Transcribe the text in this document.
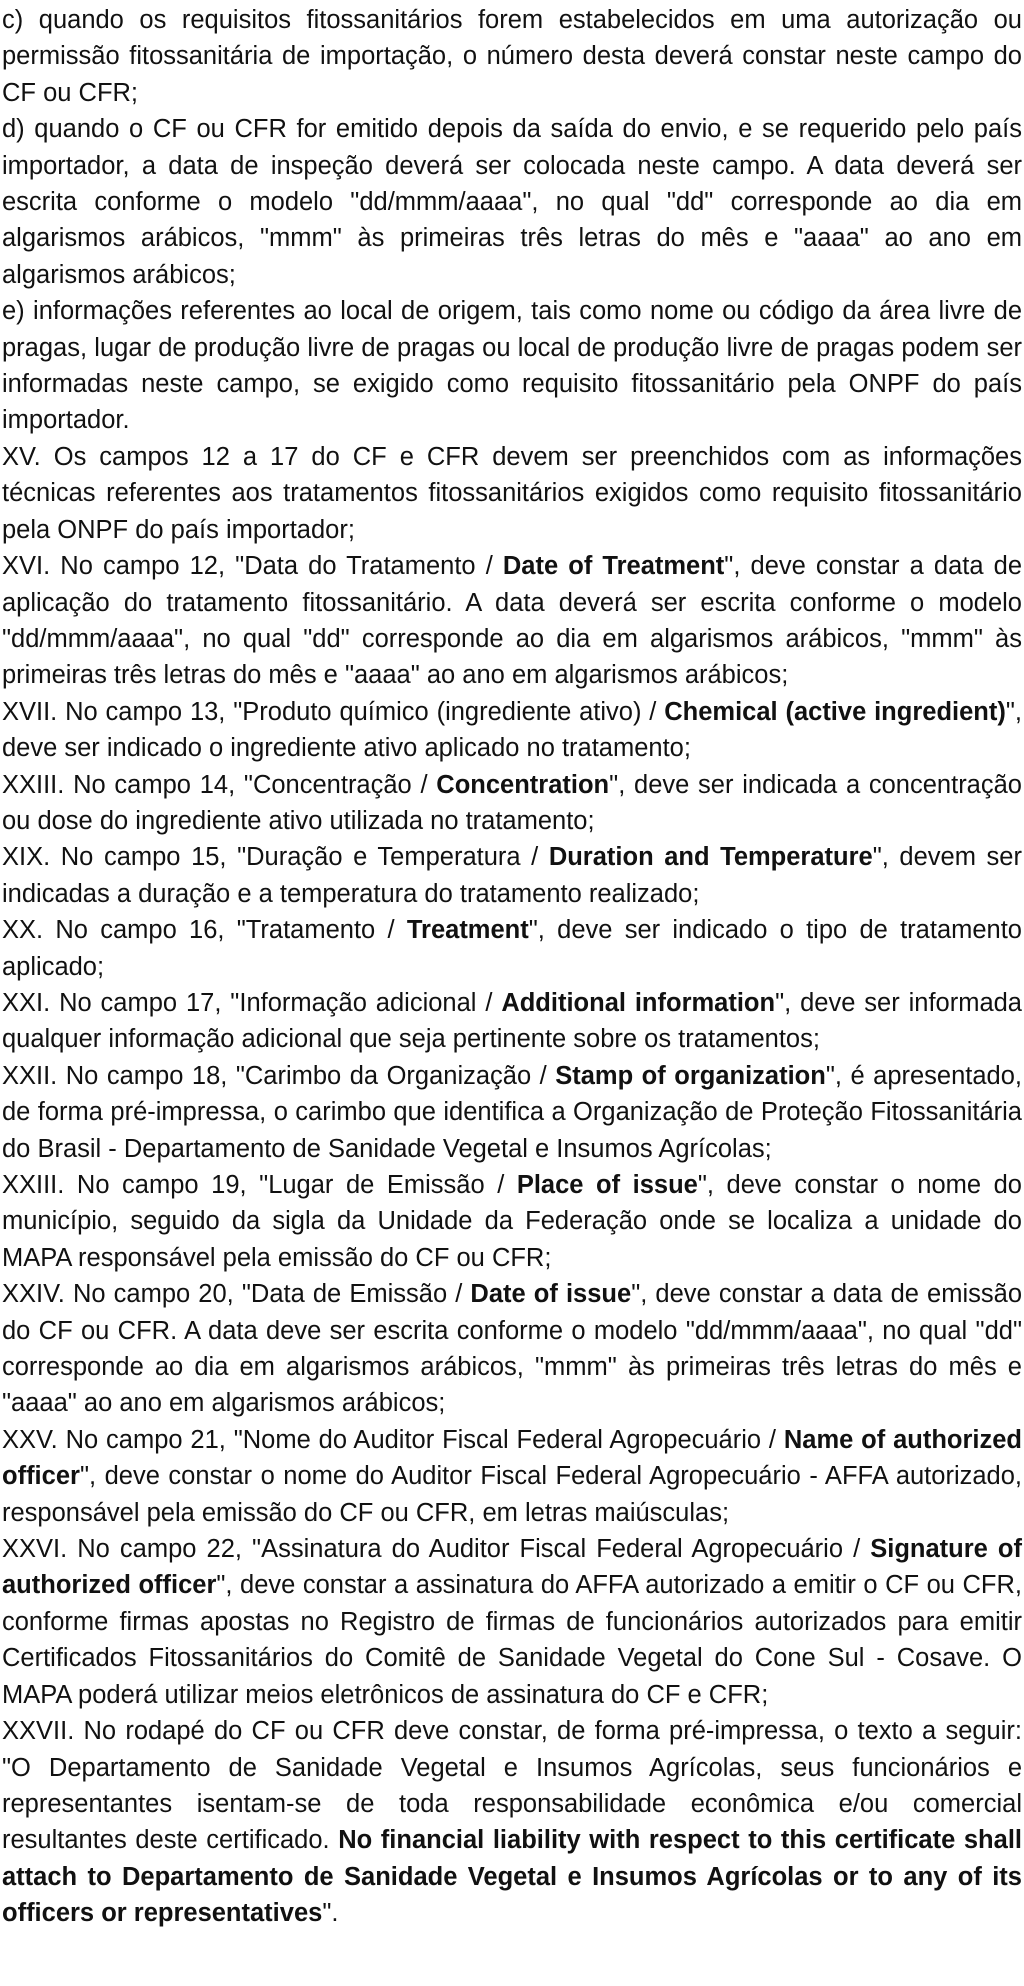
c) quando os requisitos fitossanitários forem estabelecidos em uma autorização ou permissão fitossanitária de importação, o número desta deverá constar neste campo do CF ou CFR;

d) quando o CF ou CFR for emitido depois da saída do envio, e se requerido pelo país importador, a data de inspeção deverá ser colocada neste campo. A data deverá ser escrita conforme o modelo "dd/mmm/aaaa", no qual "dd" corresponde ao dia em algarismos arábicos, "mmm" às primeiras três letras do mês e "aaaa" ao ano em algarismos arábicos;

e) informações referentes ao local de origem, tais como nome ou código da área livre de pragas, lugar de produção livre de pragas ou local de produção livre de pragas podem ser informadas neste campo, se exigido como requisito fitossanitário pela ONPF do país importador.

XV. Os campos 12 a 17 do CF e CFR devem ser preenchidos com as informações técnicas referentes aos tratamentos fitossanitários exigidos como requisito fitossanitário pela ONPF do país importador;

XVI. No campo 12, "Data do Tratamento / Date of Treatment", deve constar a data de aplicação do tratamento fitossanitário. A data deverá ser escrita conforme o modelo "dd/mmm/aaaa", no qual "dd" corresponde ao dia em algarismos arábicos, "mmm" às primeiras três letras do mês e "aaaa" ao ano em algarismos arábicos;

XVII. No campo 13, "Produto químico (ingrediente ativo) / Chemical (active ingredient)", deve ser indicado o ingrediente ativo aplicado no tratamento;

XXIII. No campo 14, "Concentração / Concentration", deve ser indicada a concentração ou dose do ingrediente ativo utilizada no tratamento;

XIX. No campo 15, "Duração e Temperatura / Duration and Temperature", devem ser indicadas a duração e a temperatura do tratamento realizado;

XX. No campo 16, "Tratamento / Treatment", deve ser indicado o tipo de tratamento aplicado;

XXI. No campo 17, "Informação adicional / Additional information", deve ser informada qualquer informação adicional que seja pertinente sobre os tratamentos;

XXII. No campo 18, "Carimbo da Organização / Stamp of organization", é apresentado, de forma pré-impressa, o carimbo que identifica a Organização de Proteção Fitossanitária do Brasil - Departamento de Sanidade Vegetal e Insumos Agrícolas;

XXIII. No campo 19, "Lugar de Emissão / Place of issue", deve constar o nome do município, seguido da sigla da Unidade da Federação onde se localiza a unidade do MAPA responsável pela emissão do CF ou CFR;

XXIV. No campo 20, "Data de Emissão / Date of issue", deve constar a data de emissão do CF ou CFR. A data deve ser escrita conforme o modelo "dd/mmm/aaaa", no qual "dd" corresponde ao dia em algarismos arábicos, "mmm" às primeiras três letras do mês e "aaaa" ao ano em algarismos arábicos;

XXV. No campo 21, "Nome do Auditor Fiscal Federal Agropecuário / Name of authorized officer", deve constar o nome do Auditor Fiscal Federal Agropecuário - AFFA autorizado, responsável pela emissão do CF ou CFR, em letras maiúsculas;

XXVI. No campo 22, "Assinatura do Auditor Fiscal Federal Agropecuário / Signature of authorized officer", deve constar a assinatura do AFFA autorizado a emitir o CF ou CFR, conforme firmas apostas no Registro de firmas de funcionários autorizados para emitir Certificados Fitossanitários do Comitê de Sanidade Vegetal do Cone Sul - Cosave. O MAPA poderá utilizar meios eletrônicos de assinatura do CF e CFR;

XXVII. No rodapé do CF ou CFR deve constar, de forma pré-impressa, o texto a seguir: "O Departamento de Sanidade Vegetal e Insumos Agrícolas, seus funcionários e representantes isentam-se de toda responsabilidade econômica e/ou comercial resultantes deste certificado. No financial liability with respect to this certificate shall attach to Departamento de Sanidade Vegetal e Insumos Agrícolas or to any of its officers or representatives".
